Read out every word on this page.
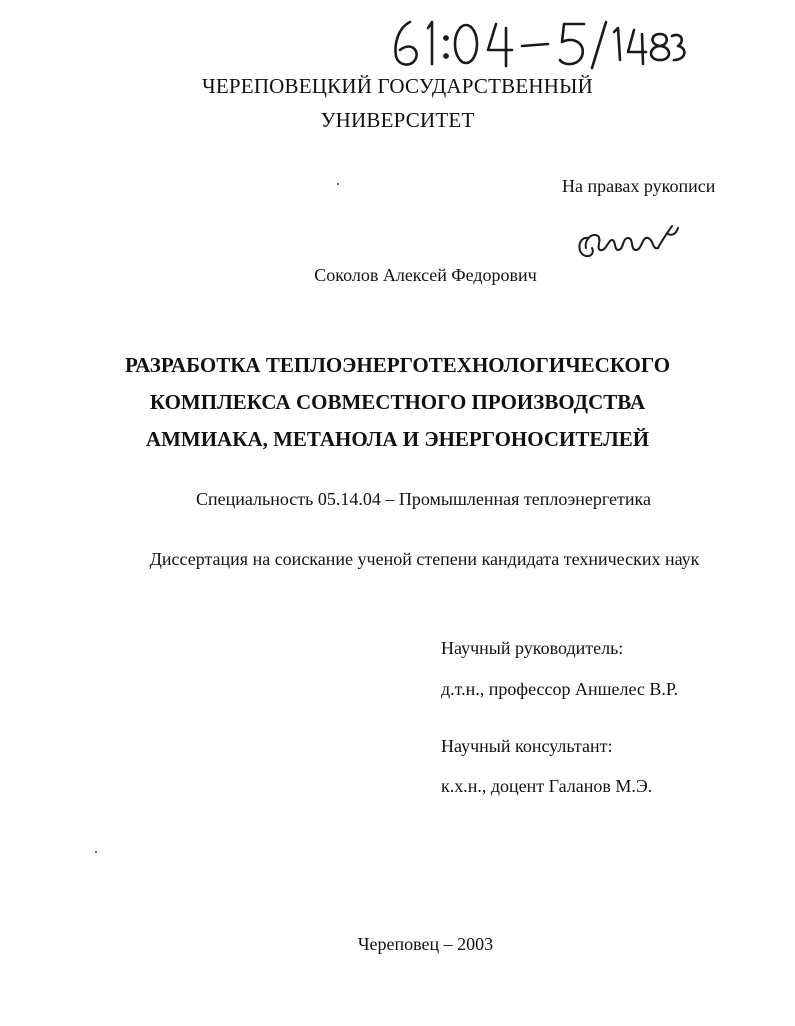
ЧЕРЕПОВЕЦКИЙ ГОСУДАРСТВЕННЫЙ
УНИВЕРСИТЕТ
На правах рукописи
Соколов Алексей Федорович
РАЗРАБОТКА ТЕПЛОЭНЕРГОТЕХНОЛОГИЧЕСКОГО
КОМПЛЕКСА СОВМЕСТНОГО ПРОИЗВОДСТВА
АММИАКА, МЕТАНОЛА И ЭНЕРГОНОСИТЕЛЕЙ
Специальность 05.14.04 – Промышленная теплоэнергетика
Диссертация на соискание ученой степени кандидата технических наук
Научный руководитель:
д.т.н., профессор Аншелес В.Р.
Научный консультант:
к.х.н., доцент Галанов М.Э.
Череповец – 2003
